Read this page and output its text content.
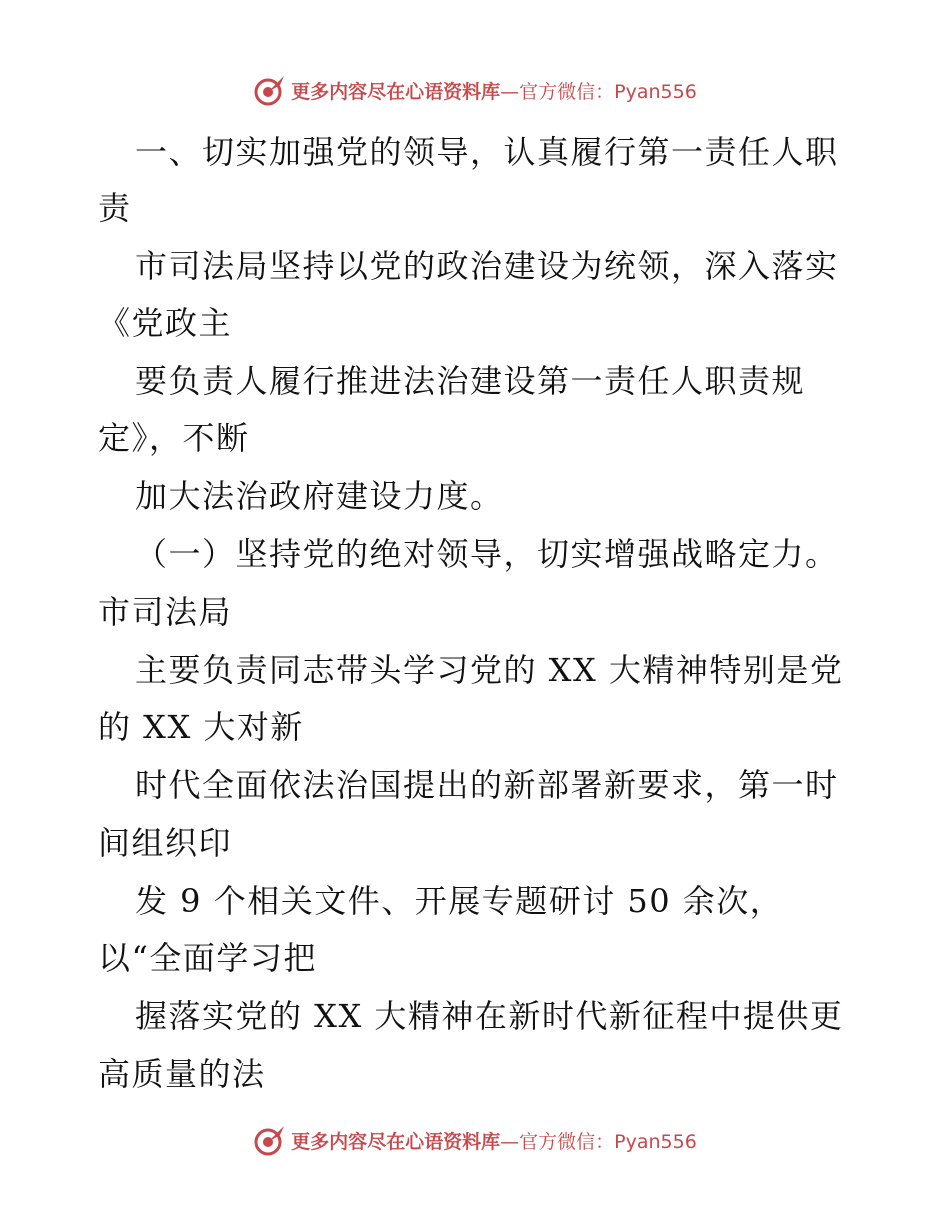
更多内容尽在心语资料库 —官方微信：Pyan556
一、切实加强党的领导，认真履行第一责任人职
责
市司法局坚持以党的政治建设为统领，深入落实
《党政主
要负责人履行推进法治建设第一责任人职责规
定》，不断
加大法治政府建设力度。
（一）坚持党的绝对领导，切实增强战略定力。
市司法局
主要负责同志带头学习党的 XX 大精神特别是党
的 XX 大对新
时代全面依法治国提出的新部署新要求，第一时
间组织印
发 9 个相关文件、开展专题研讨 50 余次，
以“全面学习把
握落实党的 XX 大精神在新时代新征程中提供更
高质量的法
更多内容尽在心语资料库 —官方微信：Pyan556
